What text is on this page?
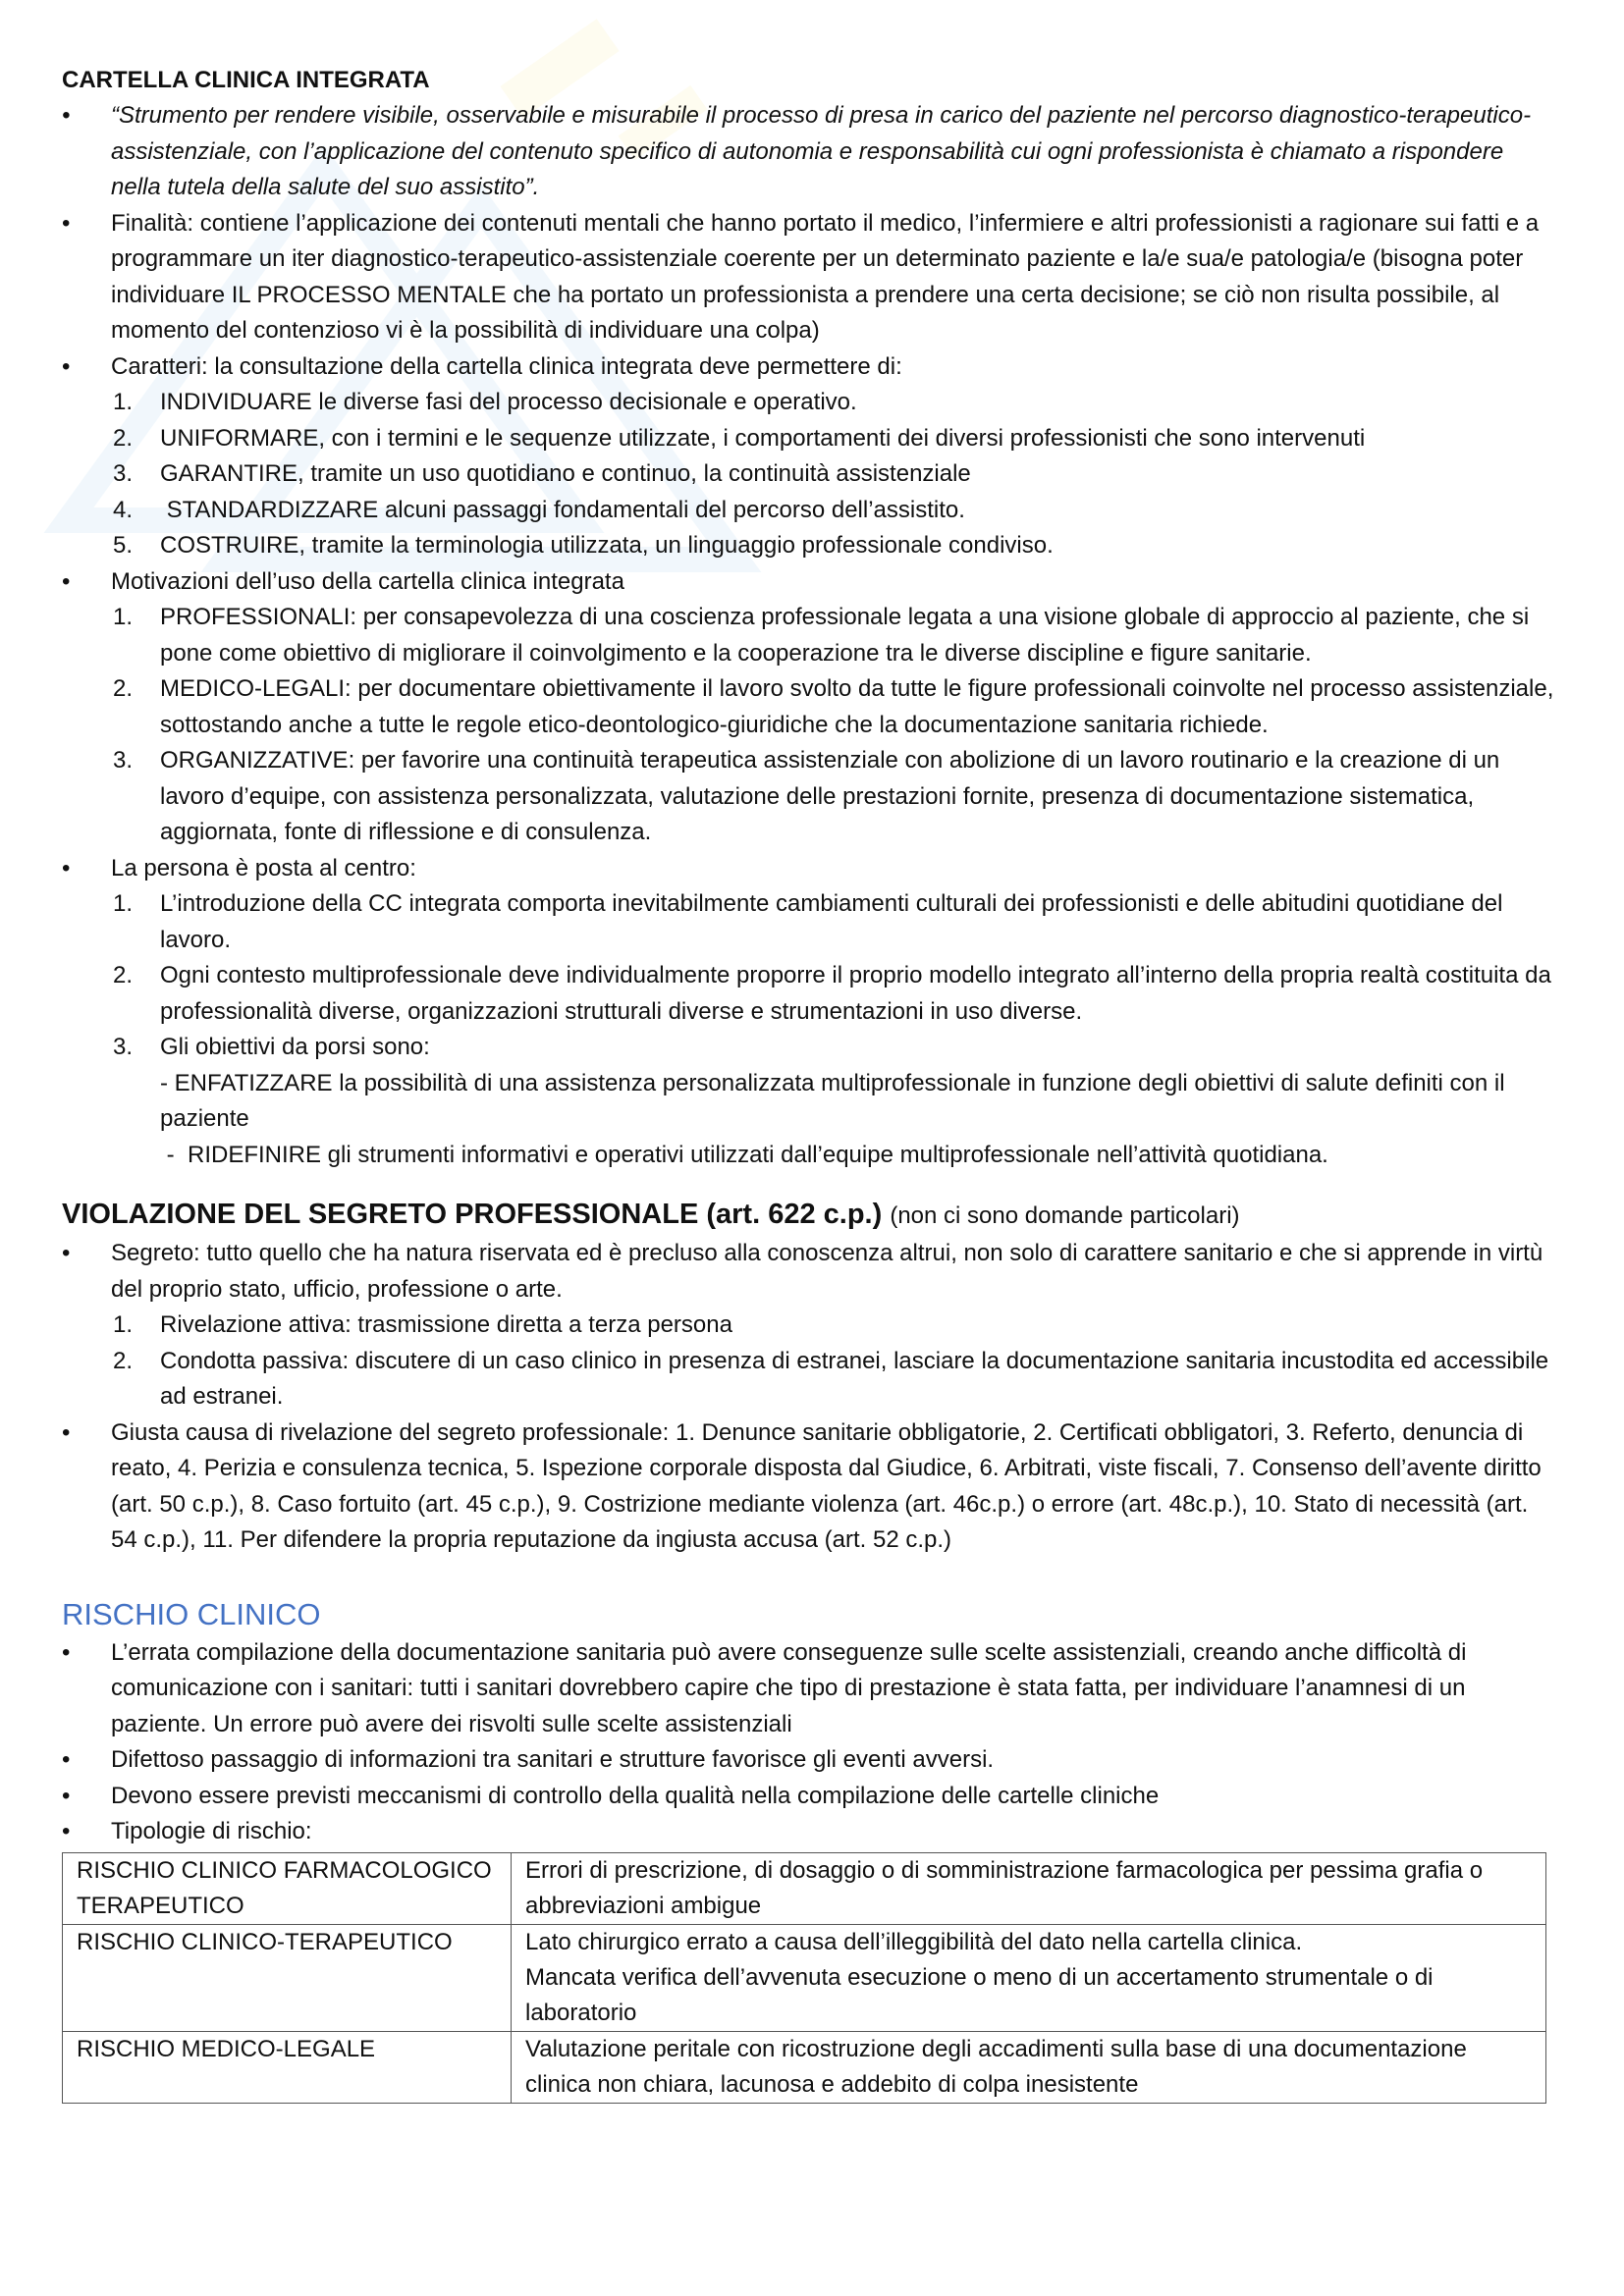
CARTELLA CLINICA INTEGRATA

• “Strumento per rendere visibile, osservabile e misurabile il processo di presa in carico del paziente nel percorso diagnostico-terapeutico-assistenziale, con l’applicazione del contenuto specifico di autonomia e responsabilità cui ogni professionista è chiamato a rispondere nella tutela della salute del suo assistito”.

• Finalità: contiene l’applicazione dei contenuti mentali che hanno portato il medico, l’infermiere e altri professionisti a ragionare sui fatti e a programmare un iter diagnostico-terapeutico-assistenziale coerente per un determinato paziente e la/e sua/e patologia/e (bisogna poter individuare IL PROCESSO MENTALE che ha portato un professionista a prendere una certa decisione; se ciò non risulta possibile, al momento del contenzioso vi è la possibilità di individuare una colpa)

• Caratteri: la consultazione della cartella clinica integrata deve permettere di:

1. INDIVIDUARE le diverse fasi del processo decisionale e operativo.

2. UNIFORMARE, con i termini e le sequenze utilizzate, i comportamenti dei diversi professionisti che sono intervenuti

3. GARANTIRE, tramite un uso quotidiano e continuo, la continuità assistenziale

4. STANDARDIZZARE alcuni passaggi fondamentali del percorso dell’assistito.

5. COSTRUIRE, tramite la terminologia utilizzata, un linguaggio professionale condiviso.

• Motivazioni dell’uso della cartella clinica integrata

1. PROFESSIONALI: per consapevolezza di una coscienza professionale legata a una visione globale di approccio al paziente, che si pone come obiettivo di migliorare il coinvolgimento e la cooperazione tra le diverse discipline e figure sanitarie.

2. MEDICO-LEGALI: per documentare obiettivamente il lavoro svolto da tutte le figure professionali coinvolte nel processo assistenziale, sottostando anche a tutte le regole etico-deontologico-giuridiche che la documentazione sanitaria richiede.

3. ORGANIZZATIVE: per favorire una continuità terapeutica assistenziale con abolizione di un lavoro routinario e la creazione di un lavoro d’equipe, con assistenza personalizzata, valutazione delle prestazioni fornite, presenza di documentazione sistematica, aggiornata, fonte di riflessione e di consulenza.

• La persona è posta al centro:

1. L’introduzione della CC integrata comporta inevitabilmente cambiamenti culturali dei professionisti e delle abitudini quotidiane del lavoro.

2. Ogni contesto multiprofessionale deve individualmente proporre il proprio modello integrato all’interno della propria realtà costituita da professionalità diverse, organizzazioni strutturali diverse e strumentazioni in uso diverse.

3. Gli obiettivi da porsi sono:

- ENFATIZZARE la possibilità di una assistenza personalizzata multiprofessionale in funzione degli obiettivi di salute definiti con il paziente

-  RIDEFINIRE gli strumenti informativi e operativi utilizzati dall’equipe multiprofessionale nell’attività quotidiana.

VIOLAZIONE DEL SEGRETO PROFESSIONALE (art. 622 c.p.) (non ci sono domande particolari)

• Segreto: tutto quello che ha natura riservata ed è precluso alla conoscenza altrui, non solo di carattere sanitario e che si apprende in virtù del proprio stato, ufficio, professione o arte.

1. Rivelazione attiva: trasmissione diretta a terza persona

2. Condotta passiva: discutere di un caso clinico in presenza di estranei, lasciare la documentazione sanitaria incustodita ed accessibile ad estranei.

• Giusta causa di rivelazione del segreto professionale: 1. Denunce sanitarie obbligatorie, 2. Certificati obbligatori, 3. Referto, denuncia di reato, 4. Perizia e consulenza tecnica, 5. Ispezione corporale disposta dal Giudice, 6. Arbitrati, viste fiscali, 7. Consenso dell’avente diritto (art. 50 c.p.), 8. Caso fortuito (art. 45 c.p.), 9. Costrizione mediante violenza (art. 46c.p.) o errore (art. 48c.p.), 10. Stato di necessità (art. 54 c.p.), 11. Per difendere la propria reputazione da ingiusta accusa (art. 52 c.p.)

RISCHIO CLINICO

• L’errata compilazione della documentazione sanitaria può avere conseguenze sulle scelte assistenziali, creando anche difficoltà di comunicazione con i sanitari: tutti i sanitari dovrebbero capire che tipo di prestazione è stata fatta, per individuare l’anamnesi di un paziente. Un errore può avere dei risvolti sulle scelte assistenziali

• Difettoso passaggio di informazioni tra sanitari e strutture favorisce gli eventi avversi.

• Devono essere previsti meccanismi di controllo della qualità nella compilazione delle cartelle cliniche

• Tipologie di rischio:

RISCHIO CLINICO FARMACOLOGICO TERAPEUTICO	Errori di prescrizione, di dosaggio o di somministrazione farmacologica per pessima grafia o abbreviazioni ambigue
RISCHIO CLINICO-TERAPEUTICO	Lato chirurgico errato a causa dell’illeggibilità del dato nella cartella clinica.
Mancata verifica dell’avvenuta esecuzione o meno di un accertamento strumentale o di laboratorio

RISCHIO MEDICO-LEGALE	Valutazione peritale con ricostruzione degli accadimenti sulla base di una documentazione clinica non chiara, lacunosa e addebito di colpa inesistente
